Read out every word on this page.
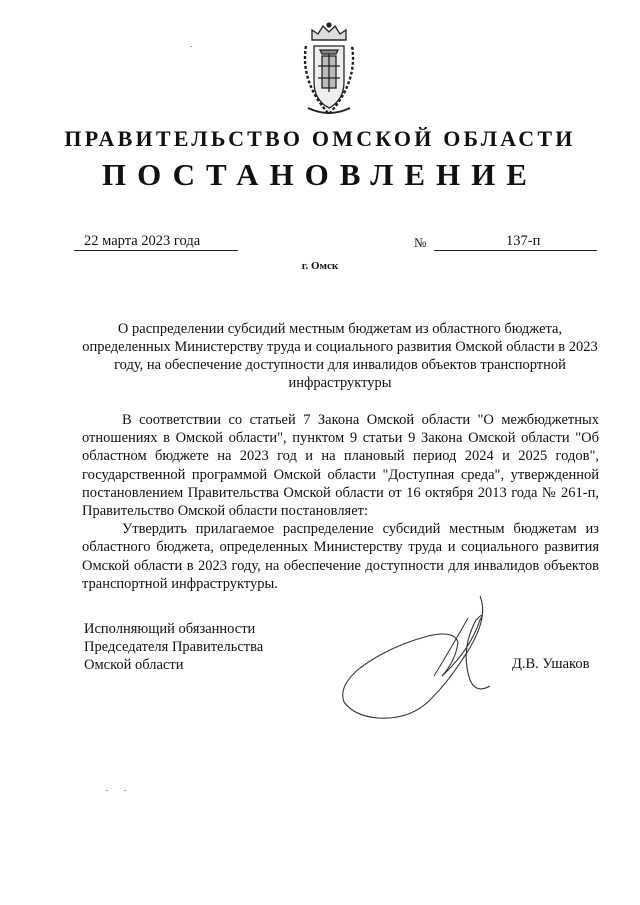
ПРАВИТЕЛЬСТВО ОМСКОЙ ОБЛАСТИ
ПОСТАНОВЛЕНИЕ
22 марта 2023 года	№	137-п
г. Омск
О распределении субсидий местным бюджетам из областного бюджета, определенных Министерству труда и социального развития Омской области в 2023 году, на обеспечение доступности для инвалидов объектов транспортной инфраструктуры

В соответствии со статьей 7 Закона Омской области "О межбюджетных отношениях в Омской области", пунктом 9 статьи 9 Закона Омской области "Об областном бюджете на 2023 год и на плановый период 2024 и 2025 годов", государственной программой Омской области "Доступная среда", утвержденной постановлением Правительства Омской области от 16 октября 2013 года № 261-п, Правительство Омской области постановляет:

Утвердить прилагаемое распределение субсидий местным бюджетам из областного бюджета, определенных Министерству труда и социального развития Омской области в 2023 году, на обеспечение доступности для инвалидов объектов транспортной инфраструктуры.

Исполняющий обязанности
Председателя Правительства
Омской области	Д.В. Ушаков
